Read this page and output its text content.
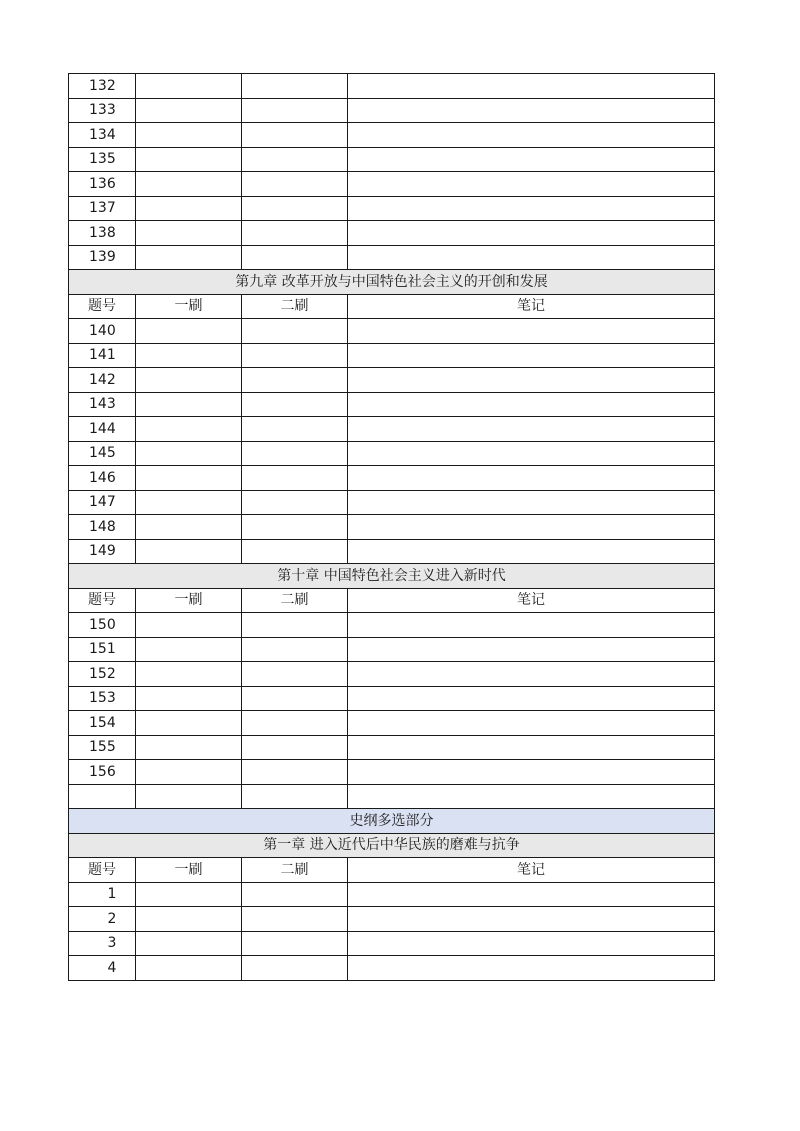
132			
133			
134			
135			
136			
137			
138			
139			
第九章 改革开放与中国特色社会主义的开创和发展			
题号	一刷	二刷	笔记
140			
141			
142			
143			
144			
145			
146			
147			
148			
149			
第十章 中国特色社会主义进入新时代			
题号	一刷	二刷	笔记
150			
151			
152			
153			
154			
155			
156			

史纲多选部分			
第一章 进入近代后中华民族的磨难与抗争			
题号	一刷	二刷	笔记
1			
2			
3			
4			
